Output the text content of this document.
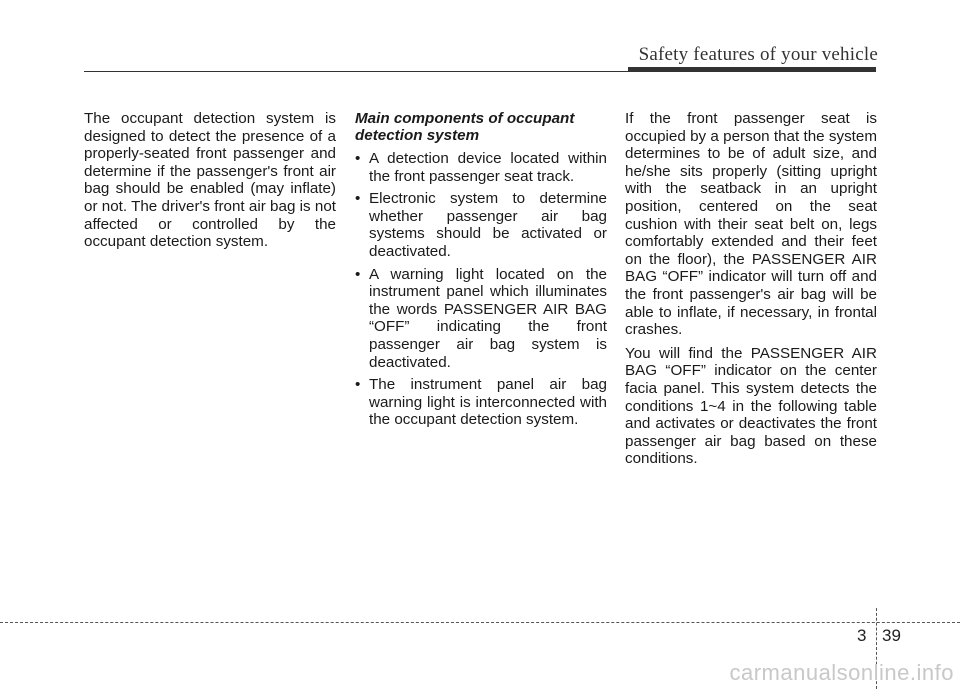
Safety features of your vehicle

The occupant detection system is designed to detect the presence of a properly-seated front passenger and determine if the passenger's front air bag should be enabled (may inflate) or not. The driver's front air bag is not affected or controlled by the occupant detection system.

Main components of occupant detection system

• A detection device located within the front passenger seat track.
• Electronic system to determine whether passenger air bag systems should be activated or deactivated.
• A warning light located on the instrument panel which illuminates the words PASSENGER AIR BAG “OFF” indicating the front passenger air bag system is deactivated.
• The instrument panel air bag warning light is interconnected with the occupant detection system.

If the front passenger seat is occupied by a person that the system determines to be of adult size, and he/she sits properly (sitting upright with the seatback in an upright position, centered on the seat cushion with their seat belt on, legs comfortably extended and their feet on the floor), the PASSENGER AIR BAG “OFF” indicator will turn off and the front passenger's air bag will be able to inflate, if necessary, in frontal crashes.

You will find the PASSENGER AIR BAG “OFF” indicator on the center facia panel. This system detects the conditions 1~4 in the following table and activates or deactivates the front passenger air bag based on these conditions.

3 39
carmanualsonline.info
